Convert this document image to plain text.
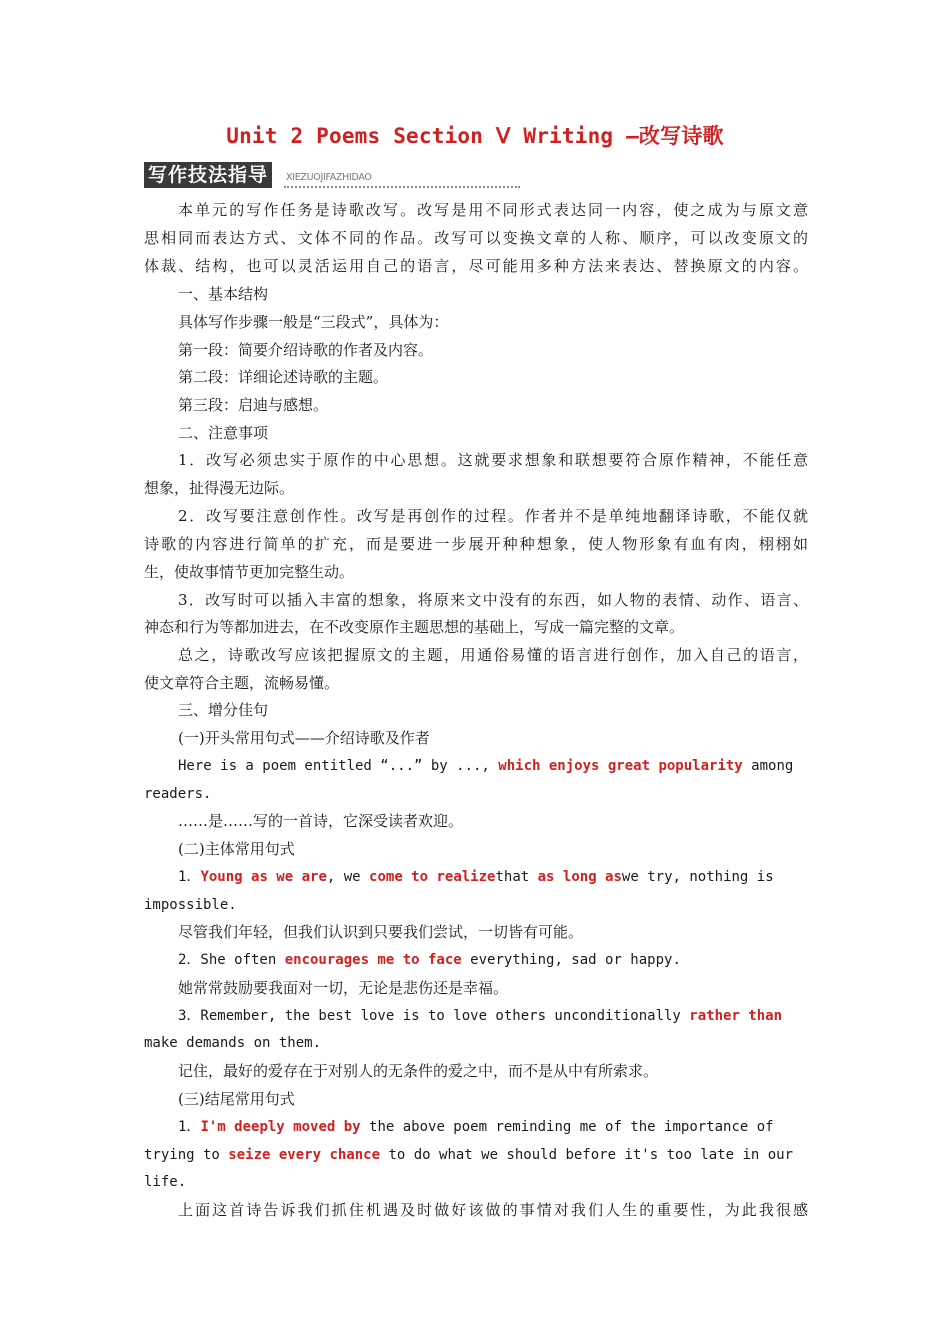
Unit 2 Poems Section Ⅴ Writing —改写诗歌
写作技法指导	XIEZUOJIFAZHIDAO
本单元的写作任务是诗歌改写。改写是用不同形式表达同一内容，使之成为与原文意
思相同而表达方式、文体不同的作品。改写可以变换文章的人称、顺序，可以改变原文的
体裁、结构，也可以灵活运用自己的语言，尽可能用多种方法来表达、替换原文的内容。
一、基本结构
具体写作步骤一般是“三段式”，具体为：
第一段：简要介绍诗歌的作者及内容。
第二段：详细论述诗歌的主题。
第三段：启迪与感想。
二、注意事项
1．改写必须忠实于原作的中心思想。这就要求想象和联想要符合原作精神，不能任意
想象，扯得漫无边际。
2．改写要注意创作性。改写是再创作的过程。作者并不是单纯地翻译诗歌，不能仅就
诗歌的内容进行简单的扩充，而是要进一步展开种种想象，使人物形象有血有肉，栩栩如
生，使故事情节更加完整生动。
3．改写时可以插入丰富的想象，将原来文中没有的东西，如人物的表情、动作、语言、
神态和行为等都加进去，在不改变原作主题思想的基础上，写成一篇完整的文章。
总之，诗歌改写应该把握原文的主题，用通俗易懂的语言进行创作，加入自己的语言，
使文章符合主题，流畅易懂。
三、增分佳句
(一)开头常用句式——介绍诗歌及作者
Here is a poem entitled “...” by ..., which enjoys great popularity among
readers.
……是……写的一首诗，它深受读者欢迎。
(二)主体常用句式
1．Young as we are, we come to realizethat as long aswe try, nothing is
impossible.
尽管我们年轻，但我们认识到只要我们尝试，一切皆有可能。
2．She often encourages me to face everything, sad or happy.
她常常鼓励要我面对一切，无论是悲伤还是幸福。
3．Remember, the best love is to love others unconditionally rather than
make demands on them.
记住，最好的爱存在于对别人的无条件的爱之中，而不是从中有所索求。
(三)结尾常用句式
1．I'm deeply moved by the above poem reminding me of the importance of
trying to seize every chance to do what we should before it's too late in our
life.
上面这首诗告诉我们抓住机遇及时做好该做的事情对我们人生的重要性，为此我很感
